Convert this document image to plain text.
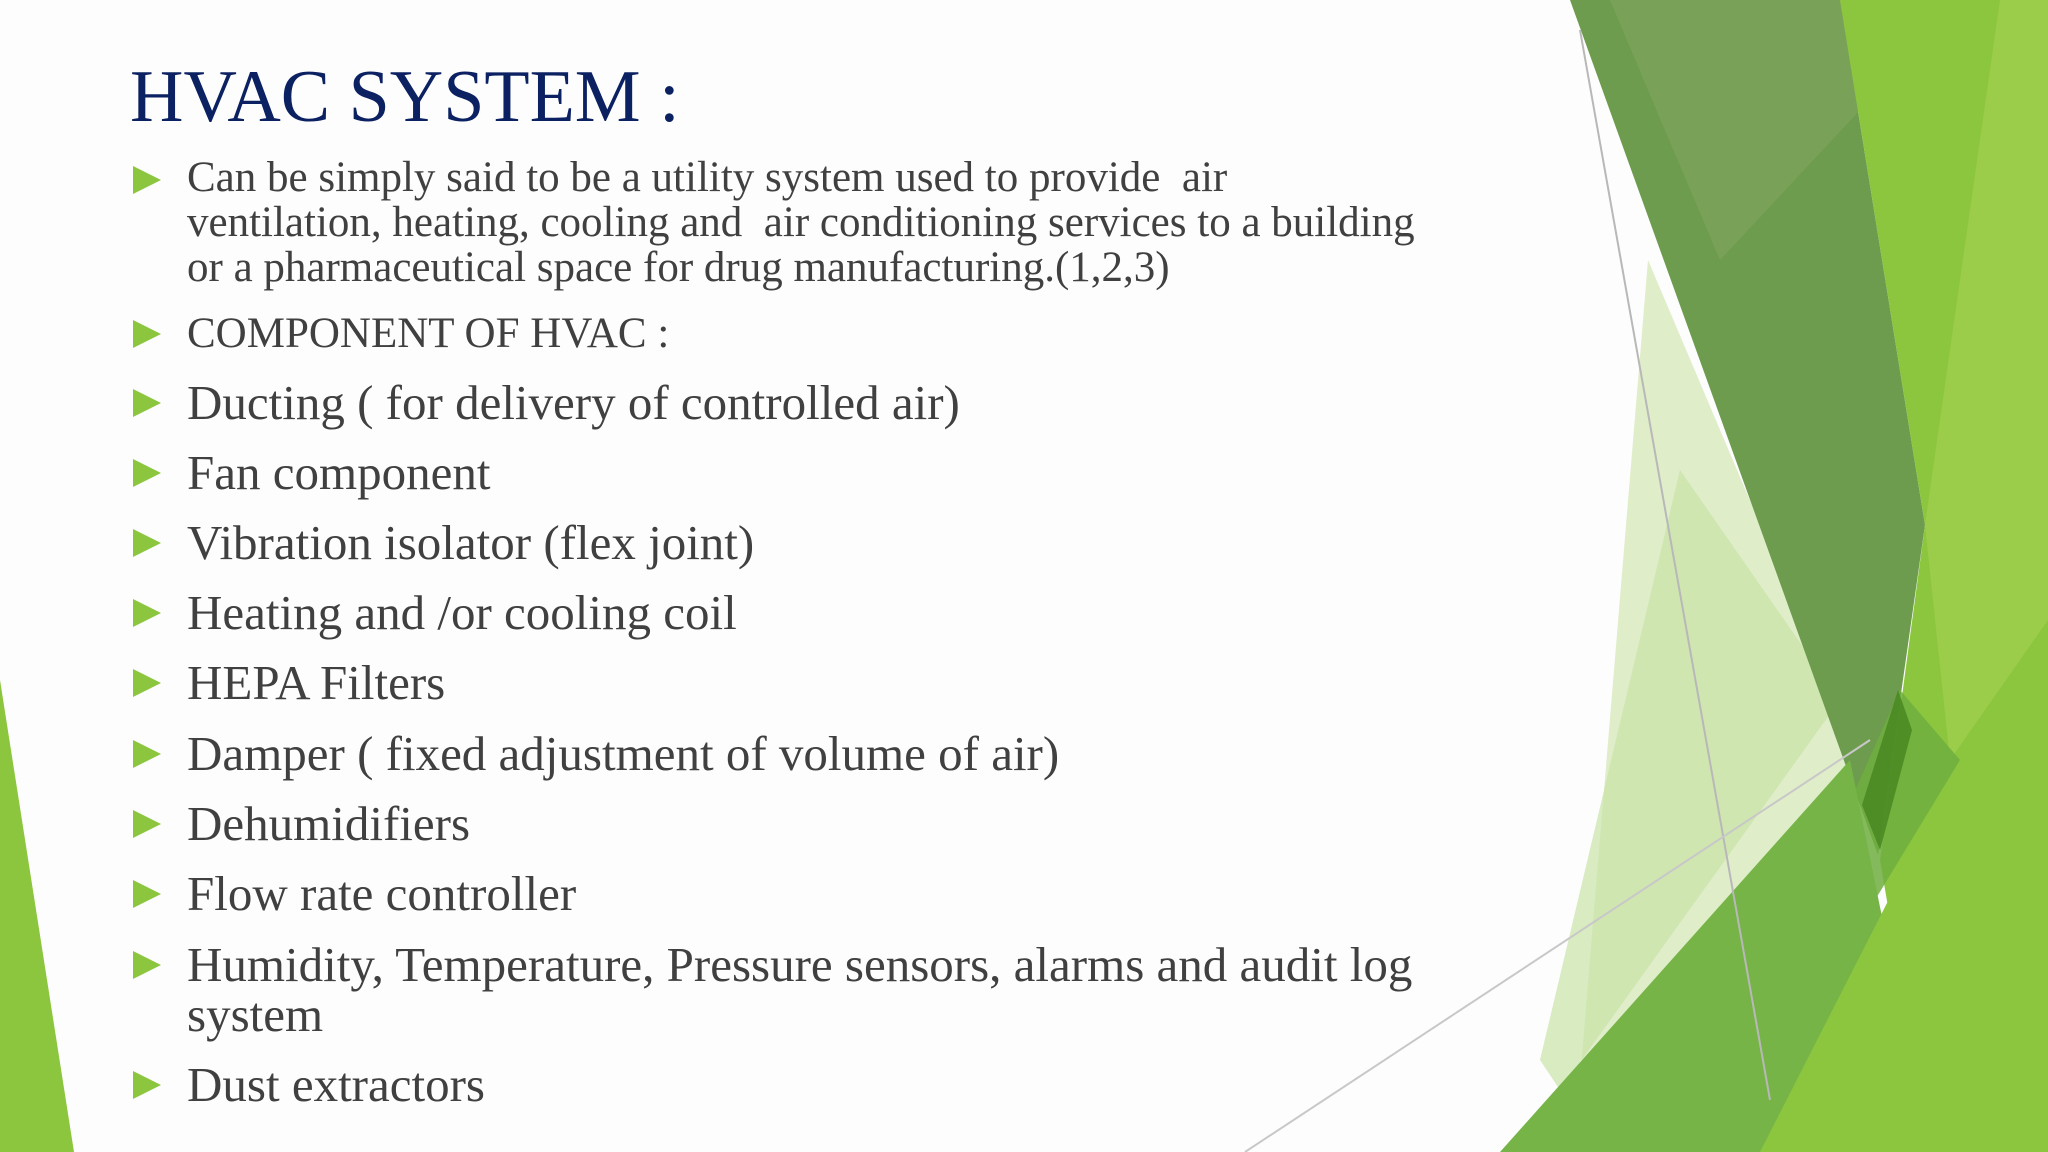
HVAC SYSTEM :
Can be simply said to be a utility system used to provide  air
ventilation, heating, cooling and  air conditioning services to a building
or a pharmaceutical space for drug manufacturing.(1,2,3)
COMPONENT OF HVAC :
Ducting ( for delivery of controlled air)
Fan component
Vibration isolator (flex joint)
Heating and /or cooling coil
HEPA Filters
Damper ( fixed adjustment of volume of air)
Dehumidifiers
Flow rate controller
Humidity, Temperature, Pressure sensors, alarms and audit log
system
Dust extractors
